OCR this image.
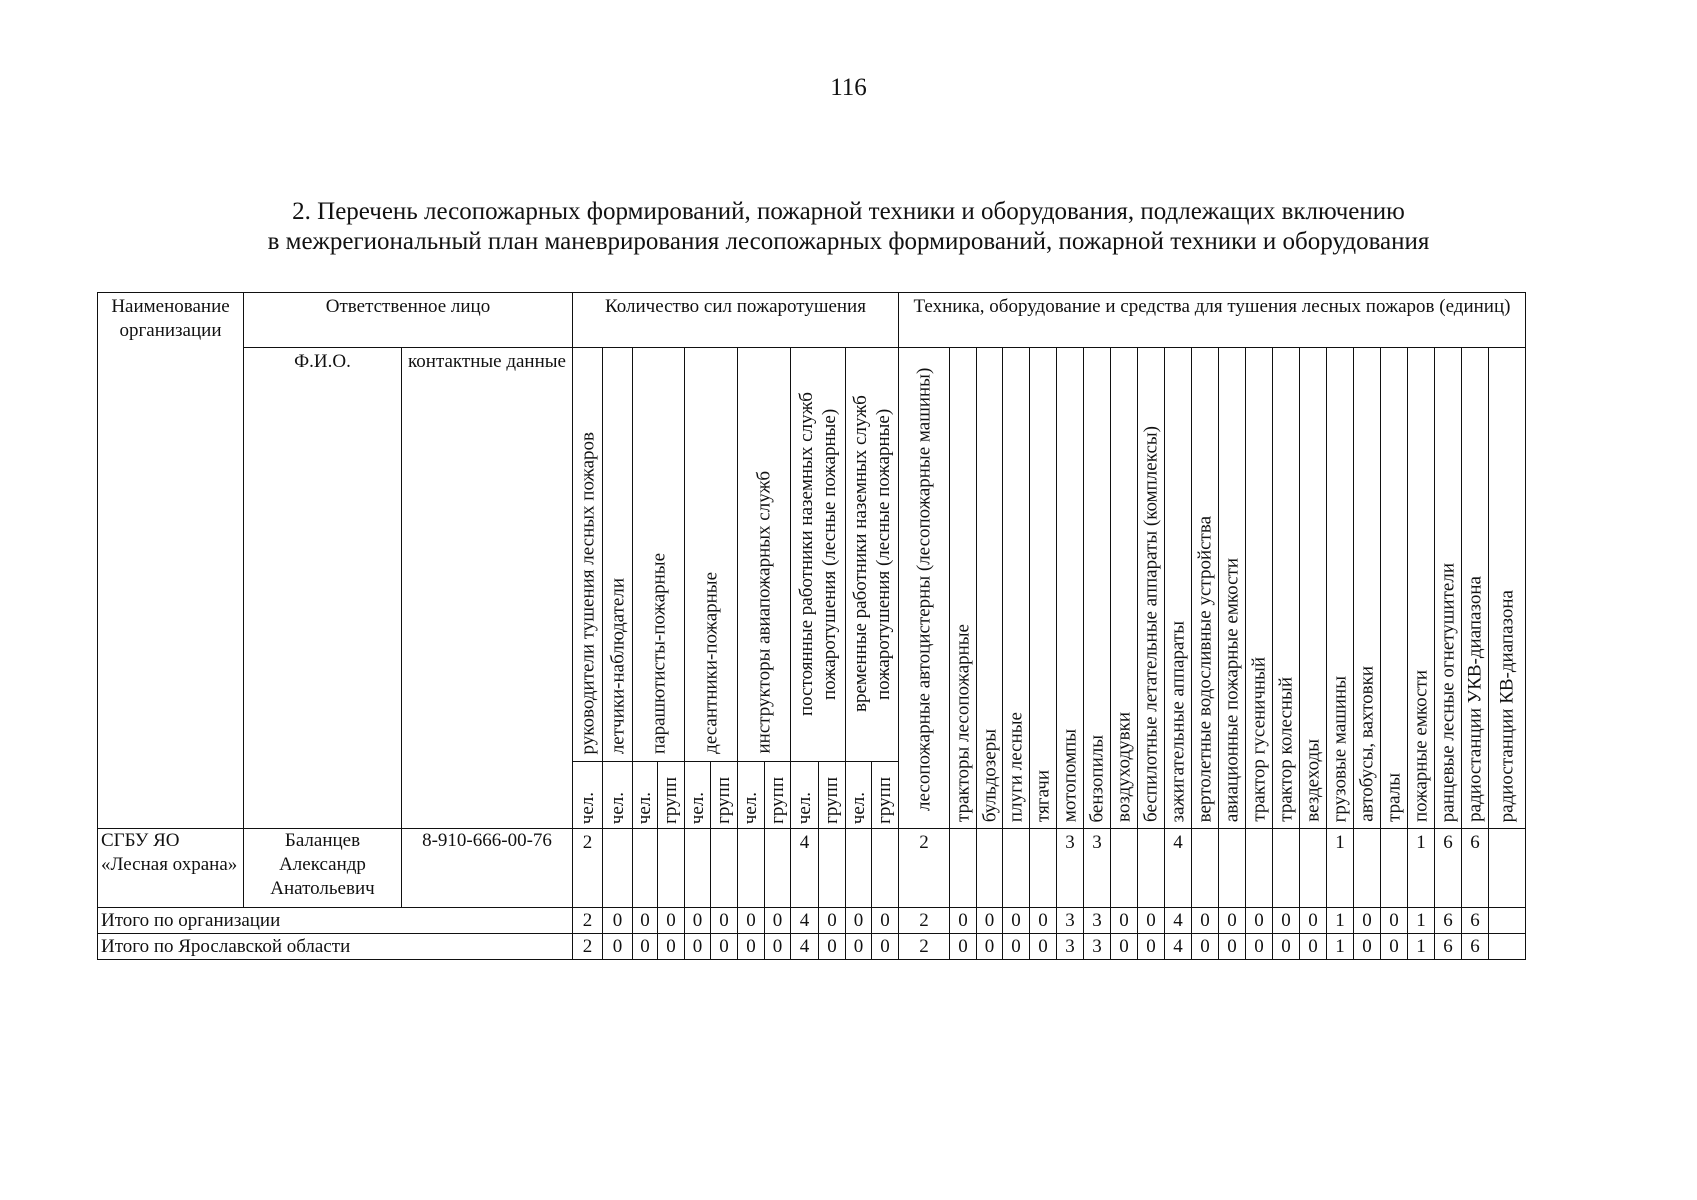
116
2. Перечень лесопожарных формирований, пожарной техники и оборудования, подлежащих включению
в межрегиональный план маневрирования лесопожарных формирований, пожарной техники и оборудования
Наименование организации	Ответственное лицо		Количество сил пожаротушения												Техника, оборудование и средства для тушения лесных пожаров (единиц)																					
	Ф.И.О.	контактные данные	руководители тушения лесных пожаров	летчики-наблюдатели	парашютисты-пожарные		десантники-пожарные		инструкторы авиапожарных служб		постоянные работники наземных служб пожаротушения (лесные пожарные)		временные работники наземных служб пожаротушения (лесные пожарные)		лесопожарные автоцистерны (лесопожарные машины)	тракторы лесопожарные	бульдозеры	плуги лесные	тягачи	мотопомпы	бензопилы	воздуходувки	беспилотные летательные аппараты (комплексы)	зажигательные аппараты	вертолетные водосливные устройства	авиационные пожарные емкости	трактор гусеничный	трактор колесный	вездеходы	грузовые машины	автобусы, вахтовки	тралы	пожарные емкости	ранцевые лесные огнетушители	радиостанции УКВ-диапазона	радиостанции КВ-диапазона

			чел.	чел.	чел.	групп	чел.	групп	чел.	групп	чел.	групп	чел.	групп																						

СГБУ ЯО «Лесная охрана»	Баланцев Александр Анатольевич	8-910-666-00-76	2								4				2					3	3			4						1			1	6	6	
Итого по организации			2	0	0	0	0	0	0	0	4	0	0	0	2	0	0	0	0	3	3	0	0	4	0	0	0	0	0	1	0	0	1	6	6	
Итого по Ярославской области			2	0	0	0	0	0	0	0	4	0	0	0	2	0	0	0	0	3	3	0	0	4	0	0	0	0	0	1	0	0	1	6	6	
